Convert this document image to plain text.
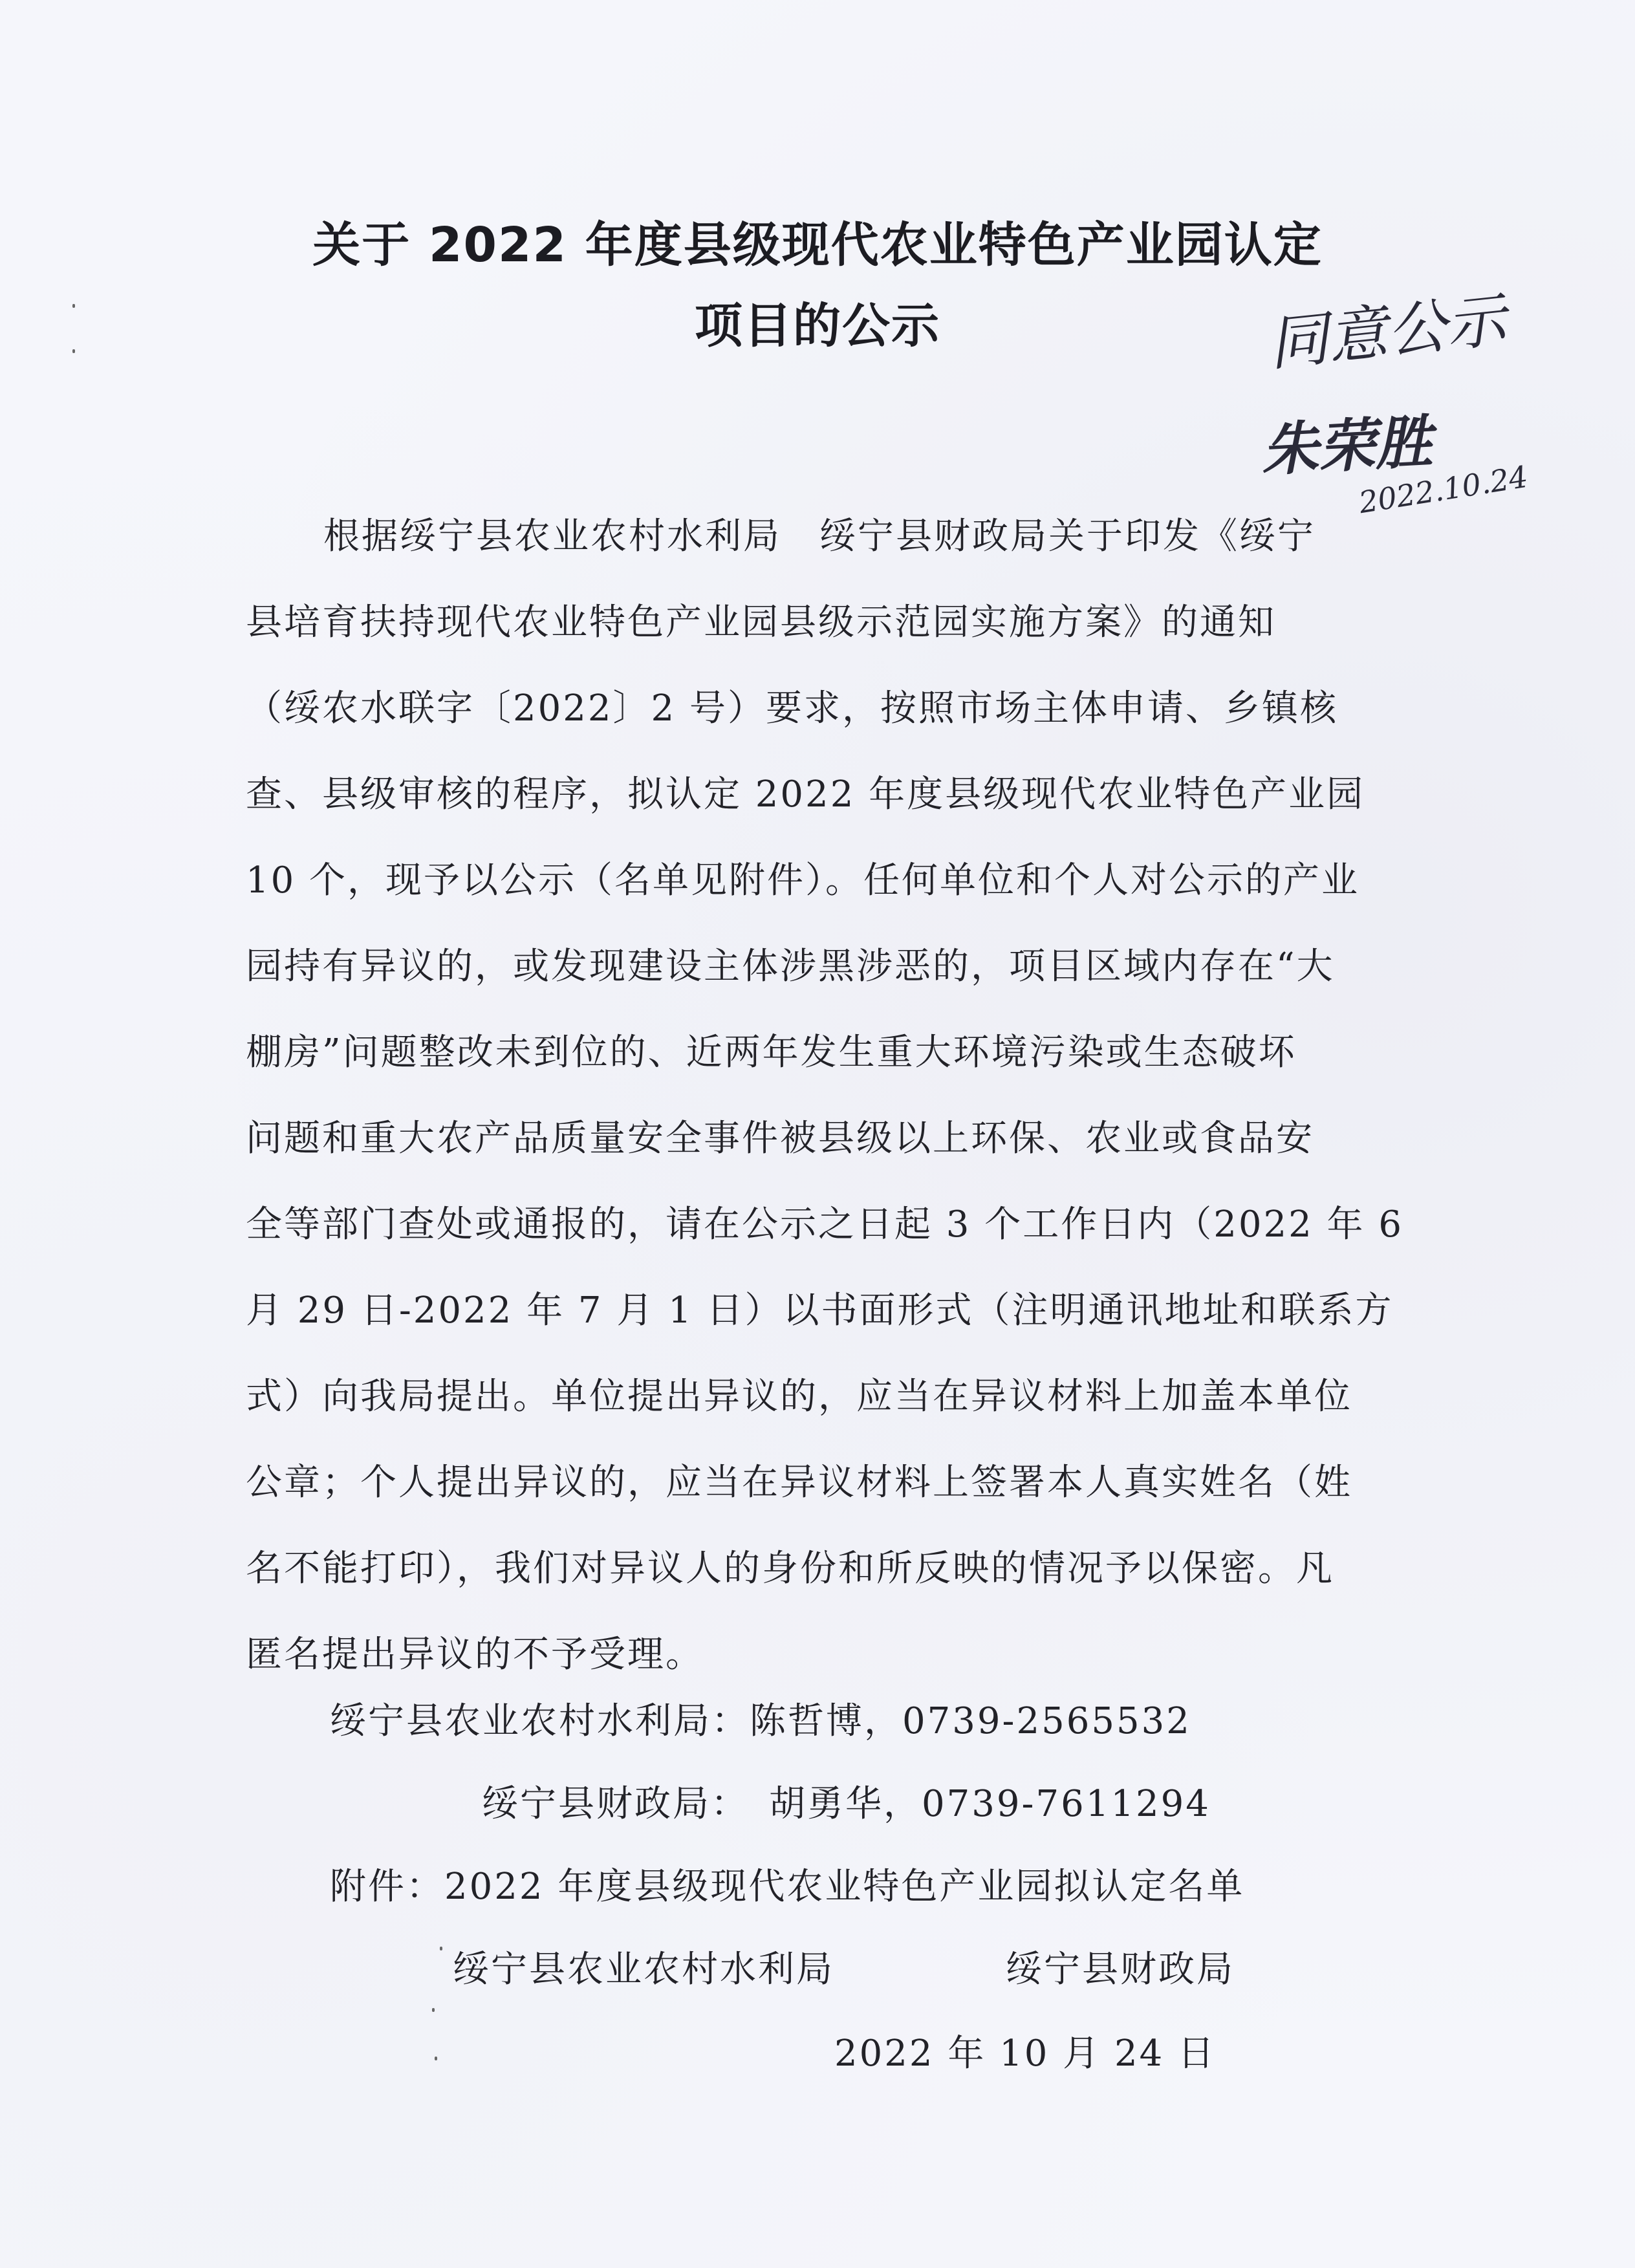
关于 2022 年度县级现代农业特色产业园认定
项目的公示	同意公示
朱荣胜
2022.10.24
根据绥宁县农业农村水利局　绥宁县财政局关于印发《绥宁
县培育扶持现代农业特色产业园县级示范园实施方案》的通知
（绥农水联字〔2022〕2 号）要求，按照市场主体申请、乡镇核
查、县级审核的程序，拟认定 2022 年度县级现代农业特色产业园
10 个，现予以公示（名单见附件）。任何单位和个人对公示的产业
园持有异议的，或发现建设主体涉黑涉恶的，项目区域内存在“大
棚房”问题整改未到位的、近两年发生重大环境污染或生态破坏
问题和重大农产品质量安全事件被县级以上环保、农业或食品安
全等部门查处或通报的，请在公示之日起 3 个工作日内（2022 年 6
月 29 日-2022 年 7 月 1 日）以书面形式（注明通讯地址和联系方
式）向我局提出。单位提出异议的，应当在异议材料上加盖本单位
公章；个人提出异议的，应当在异议材料上签署本人真实姓名（姓
名不能打印），我们对异议人的身份和所反映的情况予以保密。凡
匿名提出异议的不予受理。
绥宁县农业农村水利局：陈哲博，0739-2565532
绥宁县财政局：　胡勇华，0739-7611294
附件：2022 年度县级现代农业特色产业园拟认定名单
绥宁县农业农村水利局	绥宁县财政局
2022 年 10 月 24 日
